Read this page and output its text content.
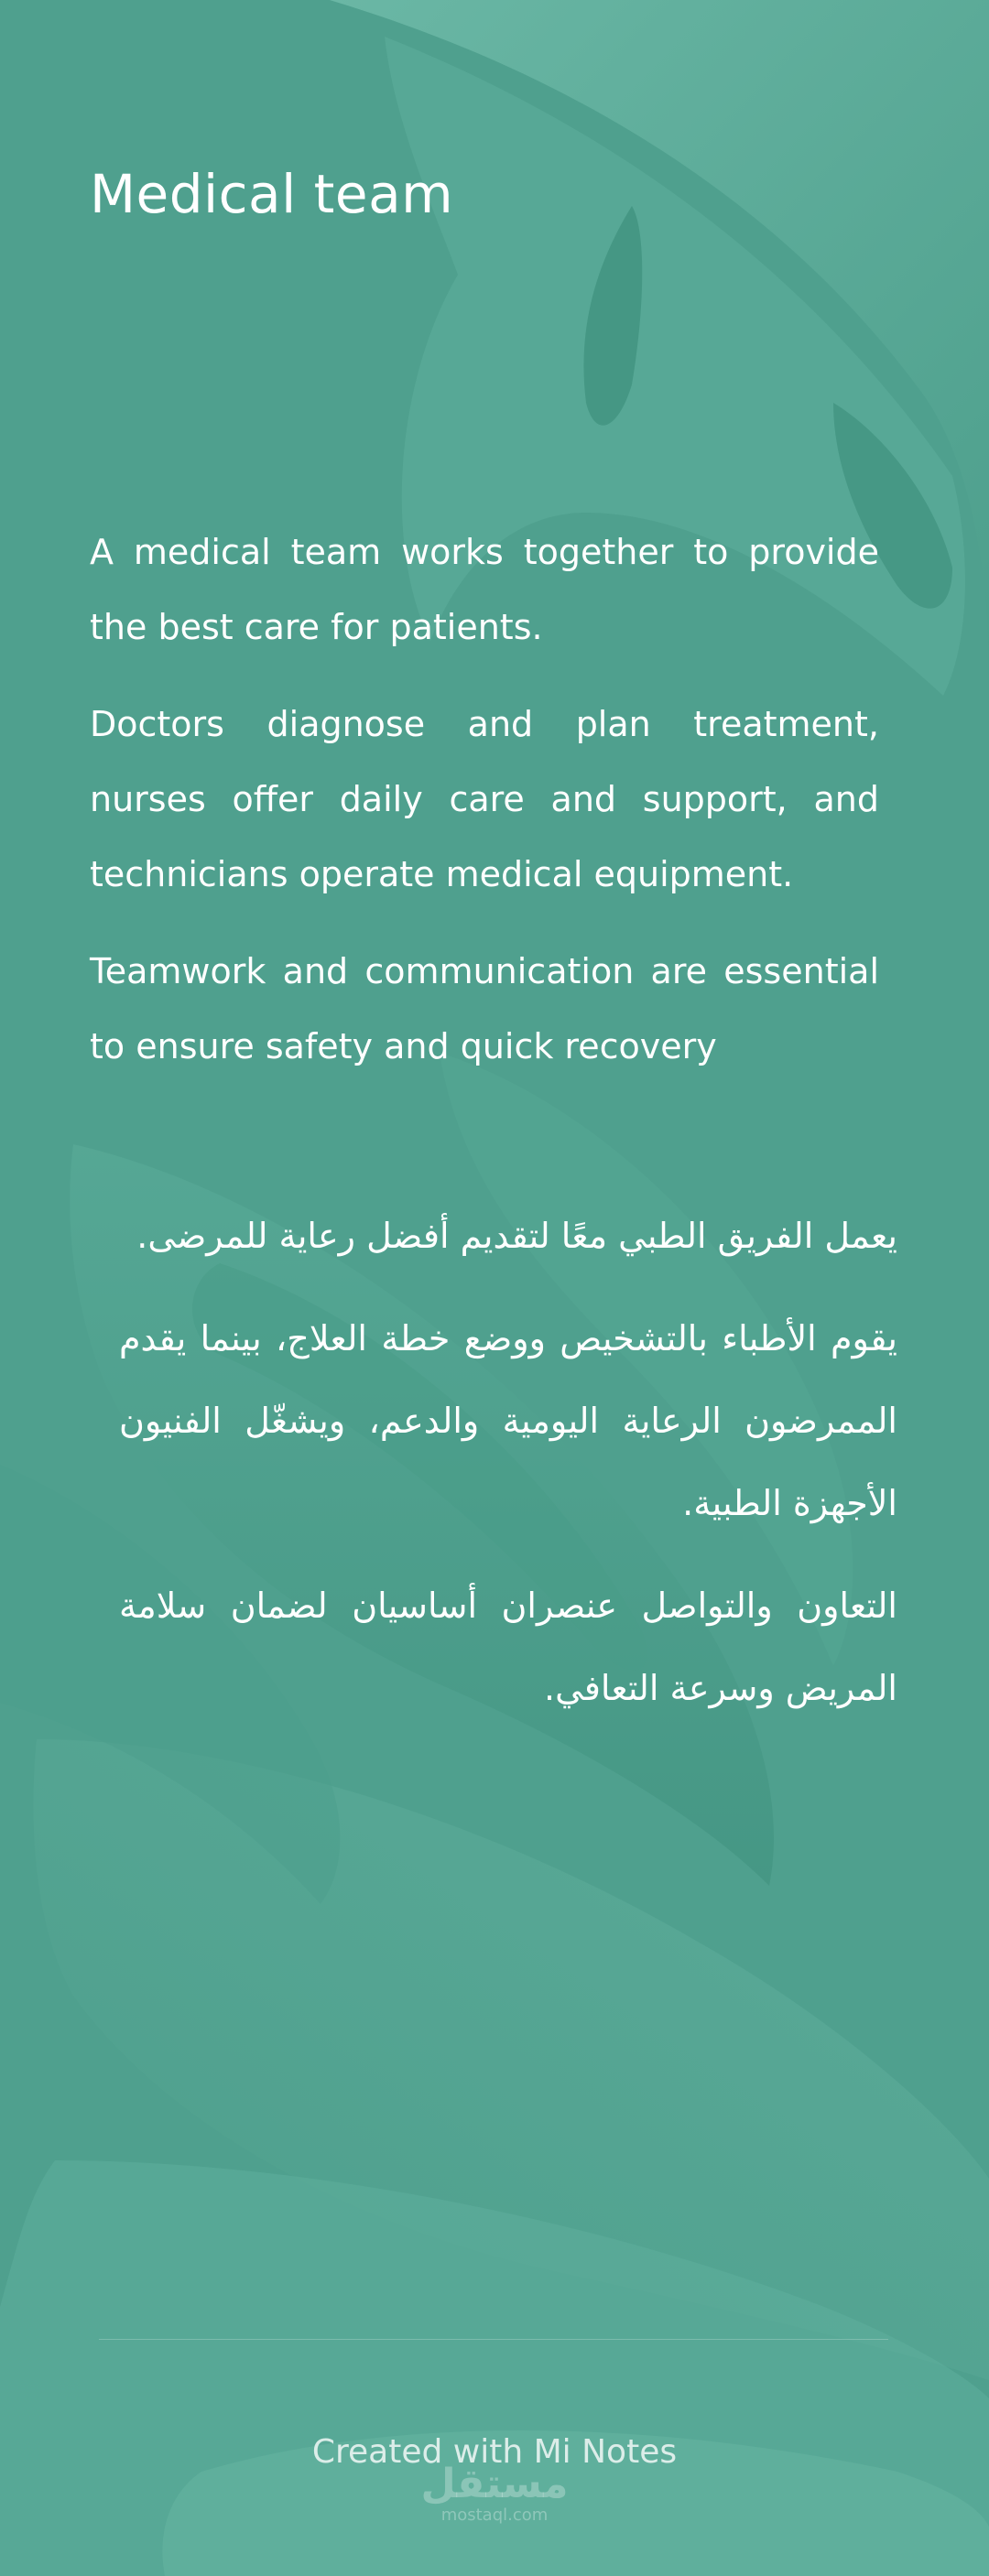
Medical team

A medical team works together to provide the best care for patients.

Doctors diagnose and plan treatment, nurses offer daily care and support, and technicians operate medical equipment.

Teamwork and communication are essential to ensure safety and quick recovery

يعمل الفريق الطبي معًا لتقديم أفضل رعاية للمرضى.

يقوم الأطباء بالتشخيص ووضع خطة العلاج، بينما يقدم الممرضون الرعاية اليومية والدعم، ويشغّل الفنيون الأجهزة الطبية.

التعاون والتواصل عنصران أساسيان لضمان سلامة المريض وسرعة التعافي.

Created with Mi Notes
مستقل
mostaql.com
